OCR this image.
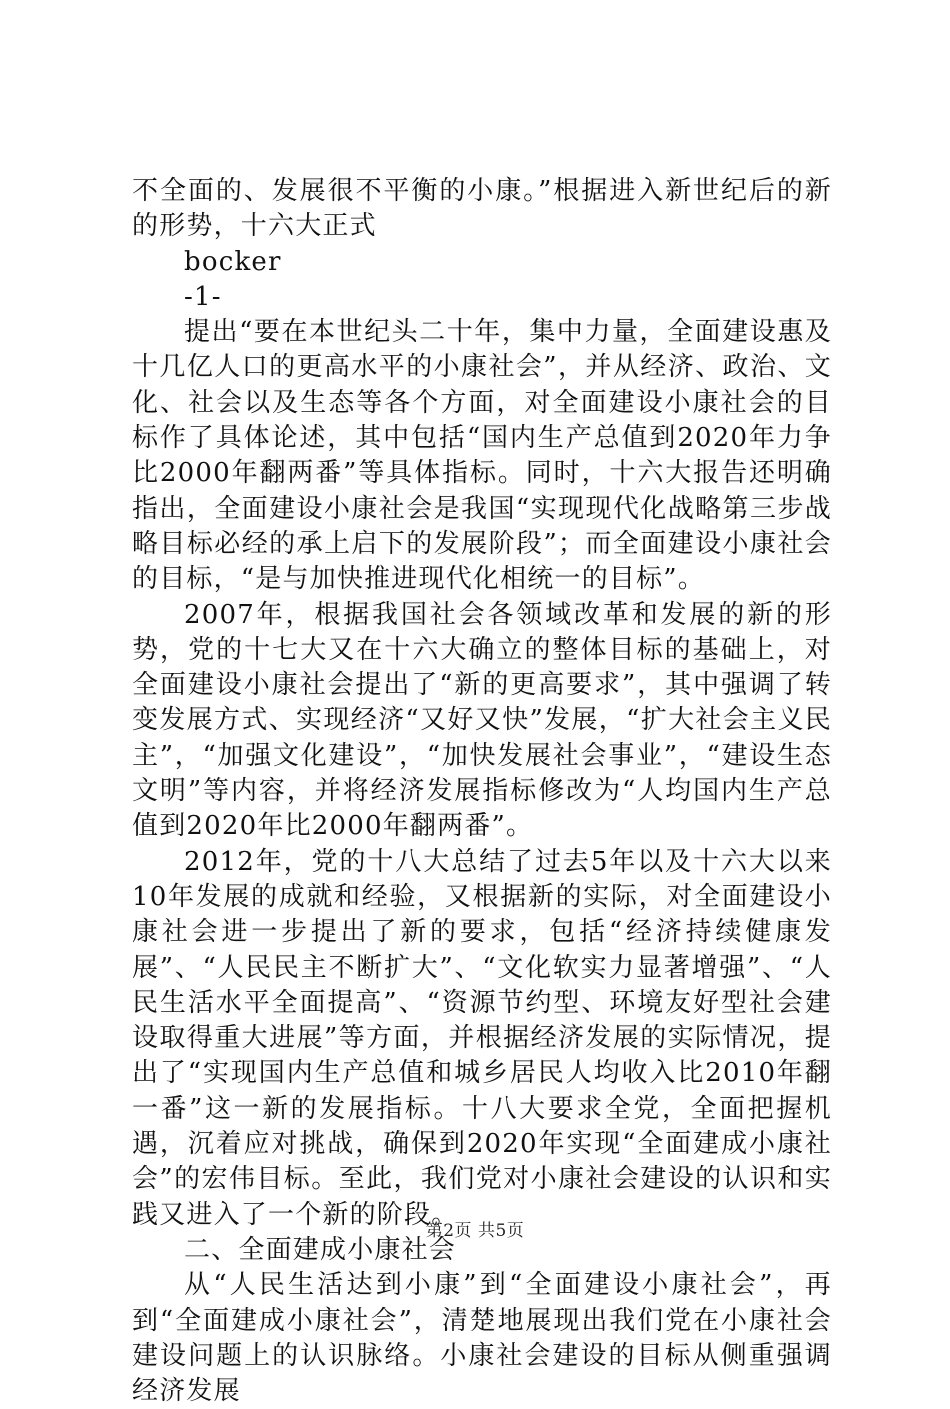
不全面的、发展很不平衡的小康。”根据进入新世纪后的新的形势，十六大正式

bocker

-1-

提出“要在本世纪头二十年，集中力量，全面建设惠及十几亿人口的更高水平的小康社会”，并从经济、政治、文化、社会以及生态等各个方面，对全面建设小康社会的目标作了具体论述，其中包括“国内生产总值到2020年力争比2000年翻两番”等具体指标。同时，十六大报告还明确指出，全面建设小康社会是我国“实现现代化战略第三步战略目标必经的承上启下的发展阶段”；而全面建设小康社会的目标，“是与加快推进现代化相统一的目标”。

2007年，根据我国社会各领域改革和发展的新的形势，党的十七大又在十六大确立的整体目标的基础上，对全面建设小康社会提出了“新的更高要求”，其中强调了转变发展方式、实现经济“又好又快”发展，“扩大社会主义民主”，“加强文化建设”，“加快发展社会事业”，“建设生态文明”等内容，并将经济发展指标修改为“人均国内生产总值到2020年比2000年翻两番”。

2012年，党的十八大总结了过去5年以及十六大以来10年发展的成就和经验，又根据新的实际，对全面建设小康社会进一步提出了新的要求，包括“经济持续健康发展”、“人民民主不断扩大”、“文化软实力显著增强”、“人民生活水平全面提高”、“资源节约型、环境友好型社会建设取得重大进展”等方面，并根据经济发展的实际情况，提出了“实现国内生产总值和城乡居民人均收入比2010年翻一番”这一新的发展指标。十八大要求全党，全面把握机遇，沉着应对挑战，确保到2020年实现“全面建成小康社会”的宏伟目标。至此，我们党对小康社会建设的认识和实践又进入了一个新的阶段。

二、全面建成小康社会

从“人民生活达到小康”到“全面建设小康社会”，再到“全面建成小康社会”，清楚地展现出我们党在小康社会建设问题上的认识脉络。小康社会建设的目标从侧重强调经济发展

第2页 共5页
